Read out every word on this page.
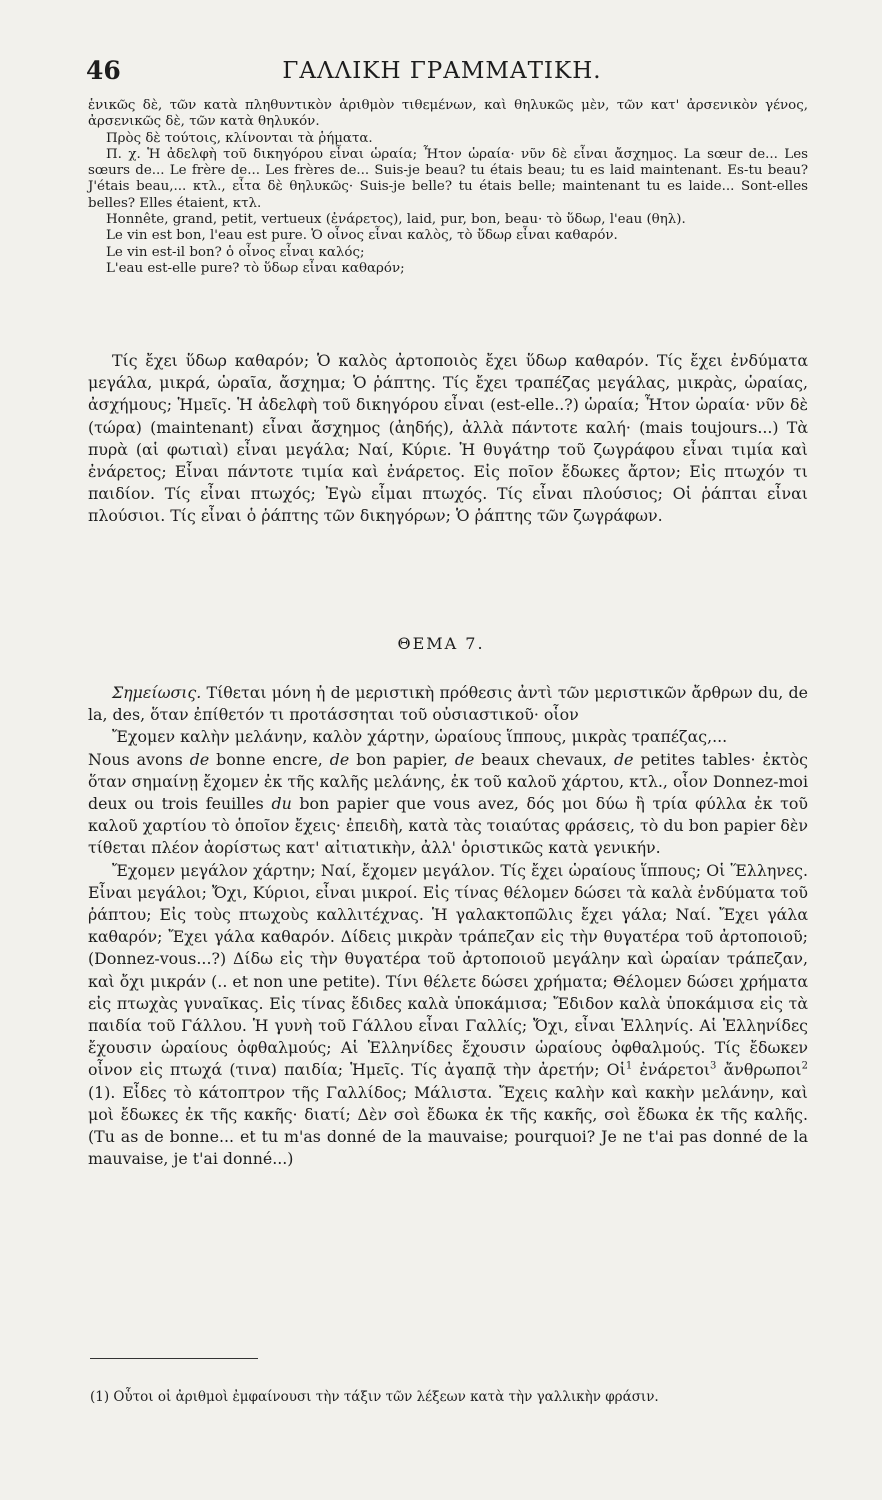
46	ΓΑΛΛΙΚΗ ΓΡΑΜΜΑΤΙΚΗ.

ἑνικῶς δὲ, τῶν κατὰ πληθυντικὸν ἀριθμὸν τιθεμένων, καὶ θηλυκῶς μὲν, τῶν κατ' ἀρσενικὸν γένος, ἀρσενικῶς δὲ, τῶν κατὰ θηλυκόν.

Πρὸς δὲ τούτοις, κλίνονται τὰ ῥήματα.

Π. χ. Ἡ ἀδελφὴ τοῦ δικηγόρου εἶναι ὡραία; Ἦτον ὡραία· νῦν δὲ εἶναι ἄσχημος. La sœur de... Les sœurs de... Le frère de... Les frères de... Suis-je beau? tu étais beau; tu es laid maintenant. Es-tu beau? J'étais beau,... κτλ., εἶτα δὲ θηλυκῶς· Suis-je belle? tu étais belle; maintenant tu es laide... Sont-elles belles? Elles étaient, κτλ.

Honnête, grand, petit, vertueux (ἐνάρετος), laid, pur, bon, beau· τὸ ὕδωρ, l'eau (θηλ).

Le vin est bon, l'eau est pure. Ὁ οἶνος εἶναι καλὸς, τὸ ὕδωρ εἶναι καθαρόν.

Le vin est-il bon? ὁ οἶνος εἶναι καλός;

L'eau est-elle pure? τὸ ὕδωρ εἶναι καθαρόν;

Τίς ἔχει ὕδωρ καθαρόν; Ὁ καλὸς ἀρτοποιὸς ἔχει ὕδωρ καθαρόν. Τίς ἔχει ἐνδύματα μεγάλα, μικρά, ὡραῖα, ἄσχημα; Ὁ ῥάπτης. Τίς ἔχει τραπέζας μεγάλας, μικρὰς, ὡραίας, ἀσχήμους; Ἡμεῖς. Ἡ ἀδελφὴ τοῦ δικηγόρου εἶναι (est-elle..?) ὡραία; Ἦτον ὡραία· νῦν δὲ (τώρα) (maintenant) εἶναι ἄσχημος (ἀηδής), ἀλλὰ πάντοτε καλή· (mais toujours...) Τὰ πυρὰ (αἱ φωτιαὶ) εἶναι μεγάλα; Ναί, Κύριε. Ἡ θυγάτηρ τοῦ ζωγράφου εἶναι τιμία καὶ ἐνάρετος; Εἶναι πάντοτε τιμία καὶ ἐνάρετος. Εἰς ποῖον ἔδωκες ἄρτον; Εἰς πτωχόν τι παιδίον. Τίς εἶναι πτωχός; Ἐγὼ εἶμαι πτωχός. Τίς εἶναι πλούσιος; Οἱ ῥάπται εἶναι πλούσιοι. Τίς εἶναι ὁ ῥάπτης τῶν δικηγόρων; Ὁ ῥάπτης τῶν ζωγράφων.

ΘΕΜΑ 7.

Σημείωσις. Τίθεται μόνη ἡ de μεριστικὴ πρόθεσις ἀντὶ τῶν μεριστικῶν ἄρθρων du, de la, des, ὅταν ἐπίθετόν τι προτάσσηται τοῦ οὐσιαστικοῦ· οἷον

Ἔχομεν καλὴν μελάνην, καλὸν χάρτην, ὡραίους ἵππους, μικρὰς τραπέζας,...

Nous avons de bonne encre, de bon papier, de beaux chevaux, de petites tables· ἐκτὸς ὅταν σημαίνῃ ἔχομεν ἐκ τῆς καλῆς μελάνης, ἐκ τοῦ καλοῦ χάρτου, κτλ., οἷον Donnez-moi deux ou trois feuilles du bon papier que vous avez, δός μοι δύω ἢ τρία φύλλα ἐκ τοῦ καλοῦ χαρτίου τὸ ὁποῖον ἔχεις· ἐπειδὴ, κατὰ τὰς τοιαύτας φράσεις, τὸ du bon papier δὲν τίθεται πλέον ἀορίστως κατ' αἰτιατικὴν, ἀλλ' ὁριστικῶς κατὰ γενικήν.

Ἔχομεν μεγάλον χάρτην; Ναί, ἔχομεν μεγάλον. Τίς ἔχει ὡραίους ἵππους; Οἱ Ἕλληνες. Εἶναι μεγάλοι; Ὄχι, Κύριοι, εἶναι μικροί. Εἰς τίνας θέλομεν δώσει τὰ καλὰ ἐνδύματα τοῦ ῥάπτου; Εἰς τοὺς πτωχοὺς καλλιτέχνας. Ἡ γαλακτοπῶλις ἔχει γάλα; Ναί. Ἔχει γάλα καθαρόν; Ἔχει γάλα καθαρόν. Δίδεις μικρὰν τράπεζαν εἰς τὴν θυγατέρα τοῦ ἀρτοποιοῦ; (Donnez-vous...?) Δίδω εἰς τὴν θυγατέρα τοῦ ἀρτοποιοῦ μεγάλην καὶ ὡραίαν τράπεζαν, καὶ ὄχι μικράν (.. et non une petite). Τίνι θέλετε δώσει χρήματα; Θέλομεν δώσει χρήματα εἰς πτωχὰς γυναῖκας. Εἰς τίνας ἔδιδες καλὰ ὑποκάμισα; Ἔδιδον καλὰ ὑποκάμισα εἰς τὰ παιδία τοῦ Γάλλου. Ἡ γυνὴ τοῦ Γάλλου εἶναι Γαλλίς; Ὄχι, εἶναι Ἑλληνίς. Αἱ Ἑλληνίδες ἔχουσιν ὡραίους ὀφθαλμούς; Αἱ Ἑλληνίδες ἔχουσιν ὡραίους ὀφθαλμούς. Τίς ἔδωκεν οἶνον εἰς πτωχά (τινα) παιδία; Ἡμεῖς. Τίς ἀγαπᾷ τὴν ἀρετήν; Οἱ$^1$ ἐνάρετοι$^3$ ἄνθρωποι$^2$ (1). Εἶδες τὸ κάτοπτρον τῆς Γαλλίδος; Μάλιστα. Ἔχεις καλὴν καὶ κακὴν μελάνην, καὶ μοὶ ἔδωκες ἐκ τῆς κακῆς· διατί; Δὲν σοὶ ἔδωκα ἐκ τῆς κακῆς, σοὶ ἔδωκα ἐκ τῆς καλῆς. (Tu as de bonne... et tu m'as donné de la mauvaise; pourquoi? Je ne t'ai pas donné de la mauvaise, je t'ai donné...)

(1) Οὗτοι οἱ ἀριθμοὶ ἐμφαίνουσι τὴν τάξιν τῶν λέξεων κατὰ τὴν γαλλικὴν φράσιν.
